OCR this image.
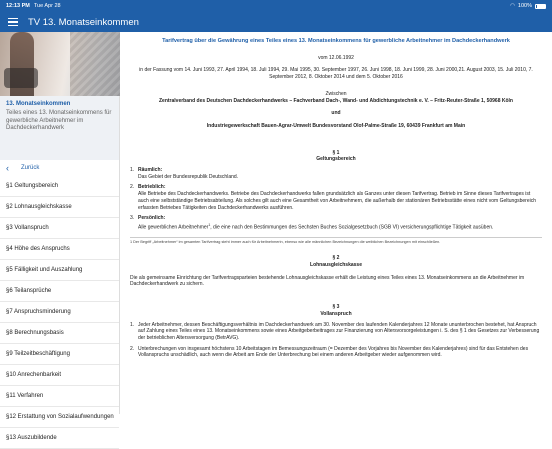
12:13 PM Tue Apr 28	◠ 100%
TV 13. Monatseinkommen
13. Monatseinkommen
Teiles eines 13. Monatseinkommens für gewerbliche Arbeitnehmer im Dachdeckerhandwerk
‹ Zurück
§1 Geltungsbereich
§2 Lohnausgleichskasse
§3 Vollanspruch
§4 Höhe des Anspruchs
§5 Fälligkeit und Auszahlung
§6 Teilansprüche
§7 Anspruchsminderung
§8 Berechnungsbasis
§9 Teilzeitbeschäftigung
§10 Anrechenbarkeit
§11 Verfahren
§12 Erstattung von Sozialaufwendungen
§13 Auszubildende
Tarifvertrag über die Gewährung eines Teiles eines 13. Monatseinkommens für gewerbliche Arbeitnehmer im Dachdeckerhandwerk
vom 12.06.1992
in der Fassung vom 14. Juni 1993, 27. April 1994, 18. Juli 1994, 29. Mai 1995, 30. September 1997, 26. Juni 1998, 18. Juni 1999, 28. Juni 2000,21. August 2003, 15. Juli 2010, 7. September 2012, 8. Oktober 2014 und dem 5. Oktober 2016
Zwischen
Zentralverband des Deutschen Dachdeckerhandwerks – Fachverband Dach-, Wand- und Abdichtungstechnik e. V. – Fritz-Reuter-Straße 1, 50968 Köln
und
Industriegewerkschaft Bauen-Agrar-Umwelt Bundesvorstand Olof-Palme-Straße 19, 60439 Frankfurt am Main
§ 1
Geltungsbereich
1. Räumlich:
Das Gebiet der Bundesrepublik Deutschland.
2. Betrieblich:
Alle Betriebe des Dachdeckerhandwerks. Betriebe des Dachdeckerhandwerks fallen grundsätzlich als Ganzes unter diesen Tarifvertrag. Betrieb im Sinne dieses Tarifvertrages ist auch eine selbstständige Betriebsabteilung. Als solches gilt auch eine Gesamtheit von Arbeitnehmern, die außerhalb der stationären Betriebsstätte eines nicht vom Geltungsbereich erfassten Betriebes Tätigkeiten des Dachdeckerhandwerks ausführen.
3. Persönlich:
Alle gewerblichen Arbeitnehmer$^1$, die eine nach den Bestimmungen des Sechsten Buches Sozialgesetzbuch (SGB VI) versicherungspflichtige Tätigkeit ausüben.
1 Der Begriff „Arbeitnehmer“ im gesamten Tarifvertrag steht immer auch für Arbeitnehmerin, ebenso wie alle männlichen Bezeichnungen die weiblichen Bezeichnungen mit einschließen.
§ 2
Lohnausgleichskasse
Die als gemeinsame Einrichtung der Tarifvertragsparteien bestehende Lohnausgleichskasse erhält die Leistung eines Teiles eines 13. Monatseinkommens an die Arbeitnehmer im Dachdeckerhandwerk zu sichern.
§ 3
Vollanspruch
1. Jeder Arbeitnehmer, dessen Beschäftigungsverhältnis im Dachdeckerhandwerk am 30. November des laufenden Kalenderjahres 12 Monate ununterbrochen bestehet, hat Anspruch auf Zahlung eines Teiles eines 13. Monatseinkommens sowie eines Arbeitgeberbeitrages zur Finanzierung von Altersvorsorgeleistungen i. S. des § 1 des Gesetzes zur Verbesserung der betrieblichen Altersversorgung (BetrAVG).
2. Unterbrechungen von insgesamt höchstens 10 Arbeitstagen im Bemessungszeitraum (= Dezember des Vorjahres bis November des Kalenderjahres) sind für das Entstehen des Vollanspruchs unschädlich, auch wenn die Arbeit am Ende der Unterbrechung bei einem anderen Arbeitgeber wieder aufgenommen wird.
